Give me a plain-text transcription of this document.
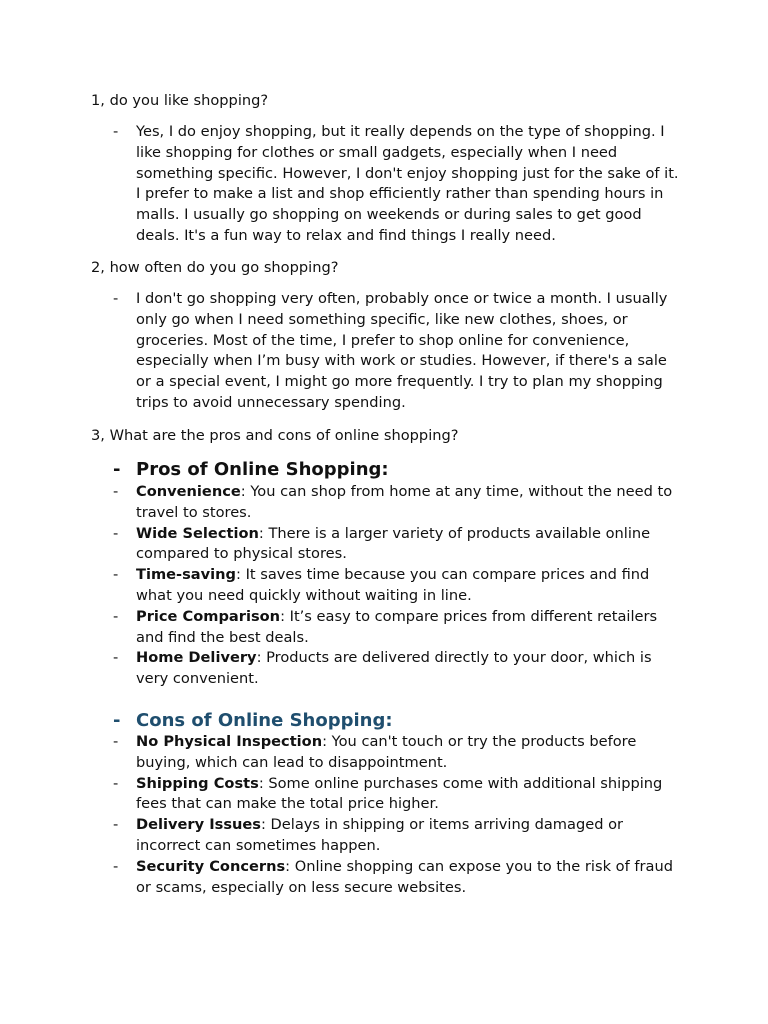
1, do you like shopping?

-	Yes, I do enjoy shopping, but it really depends on the type of shopping. I like shopping for clothes or small gadgets, especially when I need something specific. However, I don't enjoy shopping just for the sake of it. I prefer to make a list and shop efficiently rather than spending hours in malls. I usually go shopping on weekends or during sales to get good deals. It's a fun way to relax and find things I really need.

2, how often do you go shopping?

-	I don't go shopping very often, probably once or twice a month. I usually only go when I need something specific, like new clothes, shoes, or groceries. Most of the time, I prefer to shop online for convenience, especially when I’m busy with work or studies. However, if there's a sale or a special event, I might go more frequently. I try to plan my shopping trips to avoid unnecessary spending.

3, What are the pros and cons of online shopping?

- Pros of Online Shopping:
-	Convenience: You can shop from home at any time, without the need to travel to stores.
-	Wide Selection: There is a larger variety of products available online compared to physical stores.
-	Time-saving: It saves time because you can compare prices and find what you need quickly without waiting in line.
-	Price Comparison: It’s easy to compare prices from different retailers and find the best deals.
-	Home Delivery: Products are delivered directly to your door, which is very convenient.
- Cons of Online Shopping:
-	No Physical Inspection: You can't touch or try the products before buying, which can lead to disappointment.
-	Shipping Costs: Some online purchases come with additional shipping fees that can make the total price higher.
-	Delivery Issues: Delays in shipping or items arriving damaged or incorrect can sometimes happen.
-	Security Concerns: Online shopping can expose you to the risk of fraud or scams, especially on less secure websites.
